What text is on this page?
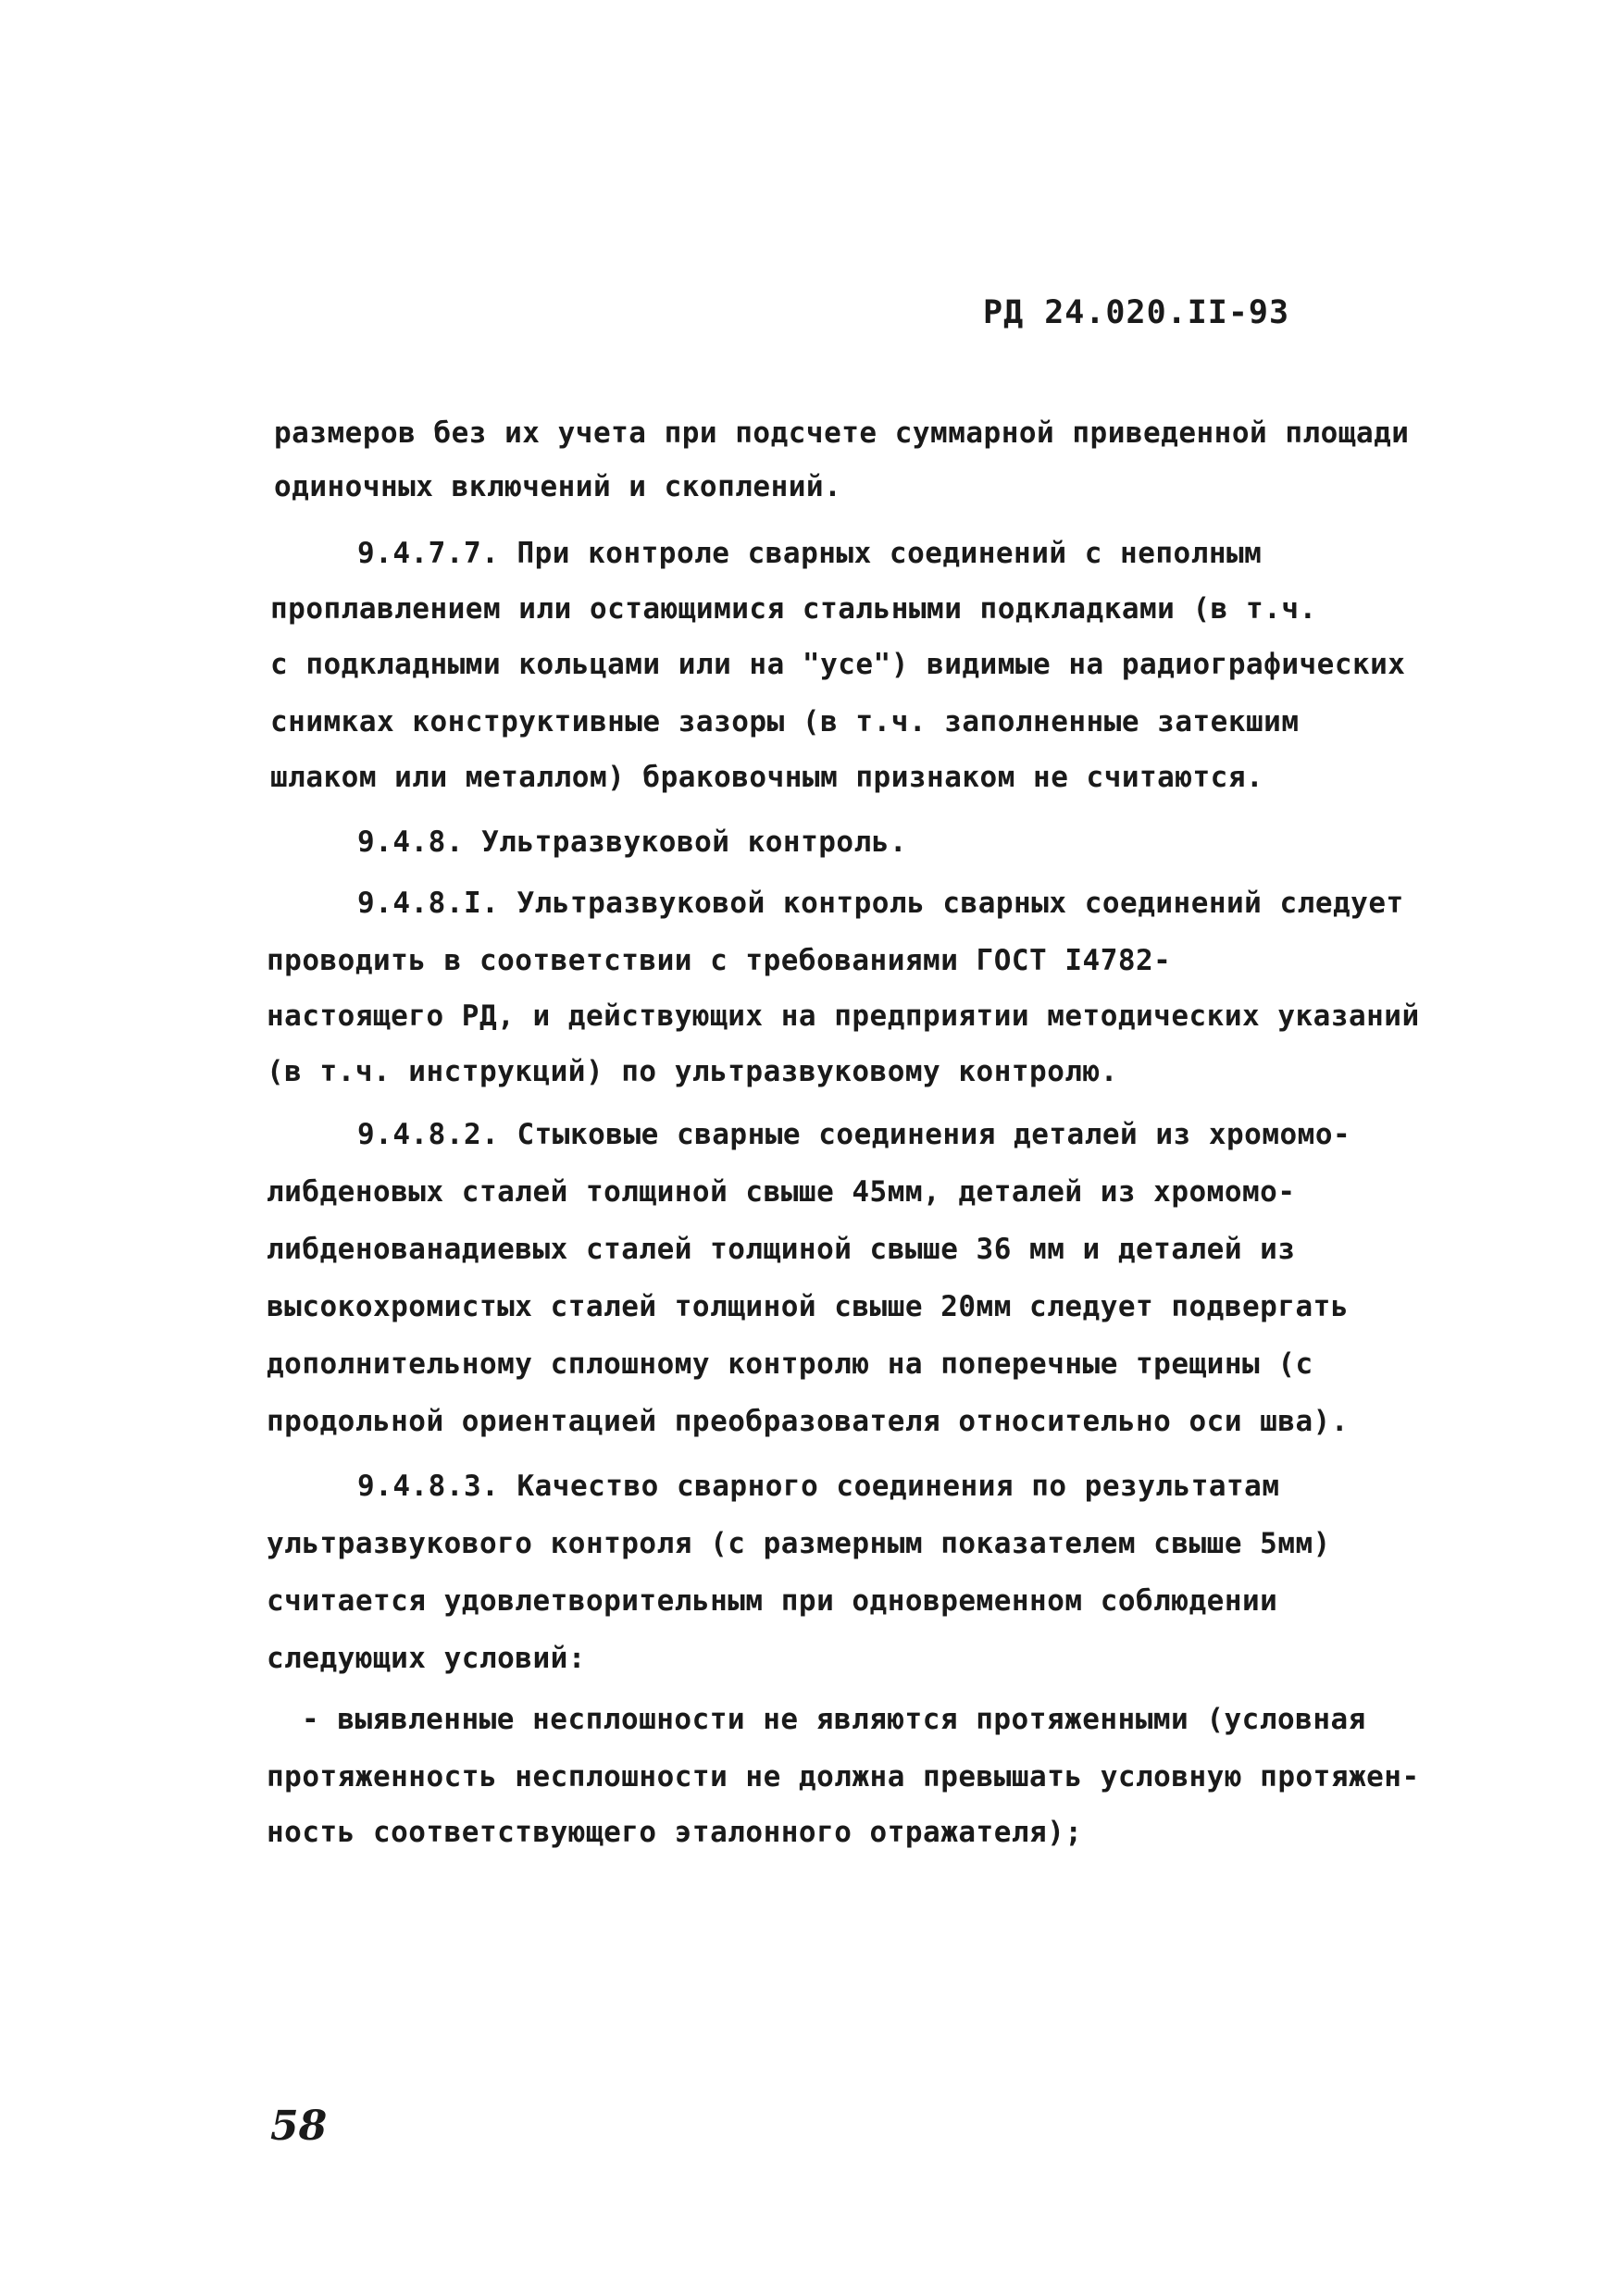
РД 24.020.II-93
размеров без их учета при подсчете суммарной приведенной площади
одиночных включений и скоплений.
9.4.7.7. При контроле сварных соединений с неполным
проплавлением или остающимися стальными подкладками (в т.ч.
с подкладными кольцами или на "усе") видимые на радиографических
снимках конструктивные зазоры (в т.ч. заполненные затекшим
шлаком или металлом) браковочным признаком не считаются.
9.4.8. Ультразвуковой контроль.
9.4.8.I. Ультразвуковой контроль сварных соединений следует
проводить в соответствии с требованиями ГОСТ I4782-
настоящего РД, и действующих на предприятии методических указаний
(в т.ч. инструкций) по ультразвуковому контролю.
9.4.8.2. Стыковые сварные соединения деталей из хромомо-
либденовых сталей толщиной свыше 45мм, деталей из хромомо-
либденованадиевых сталей толщиной свыше 36 мм и деталей из
высокохромистых сталей толщиной свыше 20мм следует подвергать
дополнительному сплошному контролю на поперечные трещины (с
продольной ориентацией преобразователя относительно оси шва).
9.4.8.3. Качество сварного соединения по результатам
ультразвукового контроля (с размерным показателем свыше 5мм)
считается удовлетворительным при одновременном соблюдении
следующих условий:
- выявленные несплошности не являются протяженными (условная
протяженность несплошности не должна превышать условную протяжен-
ность соответствующего эталонного отражателя);
58
